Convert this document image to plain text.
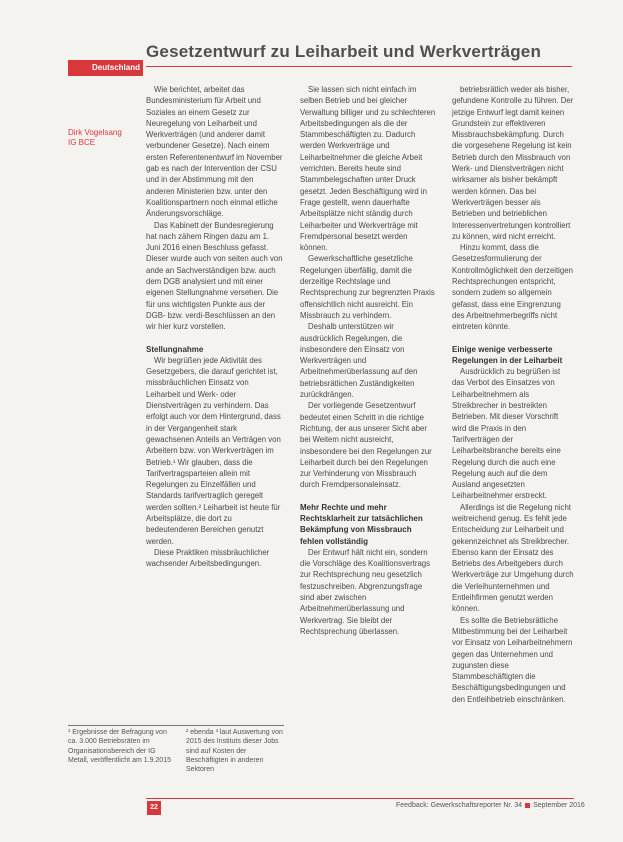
Gesetzentwurf zu Leiharbeit und Werkverträgen
Deutschland
Dirk Vogelsang
IG BCE

Wie berichtet, arbeitet das Bundesministerium für Arbeit und Soziales an einem Gesetz zur Neuregelung von Leiharbeit und Werkverträgen (und anderer damit verbundener Gesetze). Nach einem ersten Referentenentwurf im November gab es nach der Intervention der CSU und in der Abstimmung mit den anderen Ministerien bzw. unter den Koalitionspartnern noch einmal etliche Änderungsvorschläge.

Das Kabinett der Bundesregierung hat nach zähem Ringen dazu am 1. Juni 2016 einen Beschluss gefasst. Dieser wurde auch von seiten auch von ande an Sachverständigen bzw. auch dem DGB analysiert und mit einer eigenen Stellungnahme versehen. Die für uns wichtigsten Punkte aus der DGB- bzw. verdi-Beschlüssen an den wir hier kurz vorstellen.

Stellungnahme

Wir begrüßen jede Aktivität des Gesetzgebers, die darauf gerichtet ist, missbräuchlichen Einsatz von Leiharbeit und Werk- oder Dienstverträgen zu verhindern. Das erfolgt auch vor dem Hintergrund, dass in der Vergangenheit stark gewachsenen Anteils an Verträgen von Arbeitern bzw. von Werkverträgen im Betrieb.¹ Wir glauben, dass die Tarifvertragsparteien allein mit Regelungen zu Einzelfällen und Standards tarifvertraglich geregelt werden sollten.² Leiharbeit ist heute für Arbeitsplätze, die dort zu bedeutenderen Bereichen genutzt werden.

Diese Praktiken missbräuchlicher wachsender Arbeitsbedingungen.

Sie lassen sich nicht einfach im selben Betrieb und bei gleicher Verwaltung billiger und zu schlechteren Arbeitsbedingungen als die der Stammbeschäftigten zu. Dadurch werden Werkverträge und Leiharbeitnehmer die gleiche Arbeit verrichten. Bereits heute sind Stammbelegschaften unter Druck gesetzt. Jeden Beschäftigung wird in Frage gestellt, wenn dauerhafte Arbeitsplätze nicht ständig durch Leiharbeiter und Werkverträge mit Fremdpersonal besetzt werden können.

Gewerkschaftliche gesetzliche Regelungen überfällig, damit die derzeitige Rechtslage und Rechtsprechung zur begrenzten Praxis offensichtlich nicht ausreicht. Ein Missbrauch zu verhindern.

Deshalb unterstützen wir ausdrücklich Regelungen, die insbesondere den Einsatz von Werkverträgen und Arbeitnehmerüberlassung auf den betriebsrätlichen Zuständigkeiten zurückdrängen.

Der vorliegende Gesetzentwurf bedeutet einen Schritt in die richtige Richtung, der aus unserer Sicht aber bei Weitem nicht ausreicht, insbesondere bei den Regelungen zur Leiharbeit durch bei den Regelungen zur Verhinderung von Missbrauch durch Fremdpersonaleinsatz.

Mehr Rechte und mehr Rechtsklarheit zur tatsächlichen Bekämpfung von Missbrauch fehlen vollständig

Der Entwurf hält nicht ein, sondern die Vorschläge des Koalitionsvertrags zur Rechtsprechung neu gesetzlich festzuschreiben. Abgrenzungsfrage sind aber zwischen Arbeitnehmerüberlassung und Werkvertrag. Sie bleibt der Rechtsprechung überlassen.

betriebsrätlich weder als bisher, gefundene Kontrolle zu führen. Der jetzige Entwurf legt damit keinen Grundstein zur effektiveren Missbrauchsbekämpfung. Durch die vorgesehene Regelung ist kein Betrieb durch den Missbrauch von Werk- und Dienstverträgen nicht wirksamer als bisher bekämpft werden können. Das bei Werkverträgen besser als Betrieben und betrieblichen Interessenvertretungen kontrolliert zu können, wird nicht erreicht.

Hinzu kommt, dass die Gesetzesformulierung der Kontrollmöglichkeit den derzeitigen Rechtsprechungen entspricht, sondern zudem so allgemein gefasst, dass eine Eingrenzung des Arbeitnehmerbegriffs nicht eintreten könnte.

Einige wenige verbesserte Regelungen in der Leiharbeit

Ausdrücklich zu begrüßen ist das Verbot des Einsatzes von Leiharbeitnehmern als Streikbrecher in bestreikten Betrieben. Mit dieser Vorschrift wird die Praxis in den Tarifverträgen der Leiharbeitsbranche bereits eine Regelung durch die auch eine Regelung auch auf die dem Ausland angesetzten Leiharbeitnehmer erstreckt.

Allerdings ist die Regelung nicht weitreichend genug. Es fehlt jede Entscheidung zur Leiharbeit und gekennzeichnet als Streikbrecher. Ebenso kann der Einsatz des Betriebs des Arbeitgebers durch Werkverträge zur Umgehung durch die Verleihunternehmen und Entleihfirmen genutzt werden können.

Es sollte die Betriebsrätliche Mitbestimmung bei der Leiharbeit vor Einsatz von Leiharbeitnehmern gegen das Unternehmen und zugunsten diese Stammbeschäftigten die Beschäftigungsbedingungen und den Entleihbetrieb einschränken.

¹ Ergebnisse der Befragung von ca. 3.000 Betriebsräten im Organisationsbereich der IG Metall, veröffentlicht am 1.9.2015
² ebenda ³ laut Auswertung von 2015 des Instituts dieser Jobs sind auf Kosten der Beschäftigten in anderen Sektoren
22	Feedback: Gewerkschaftsreporter Nr. 34 September 2016
